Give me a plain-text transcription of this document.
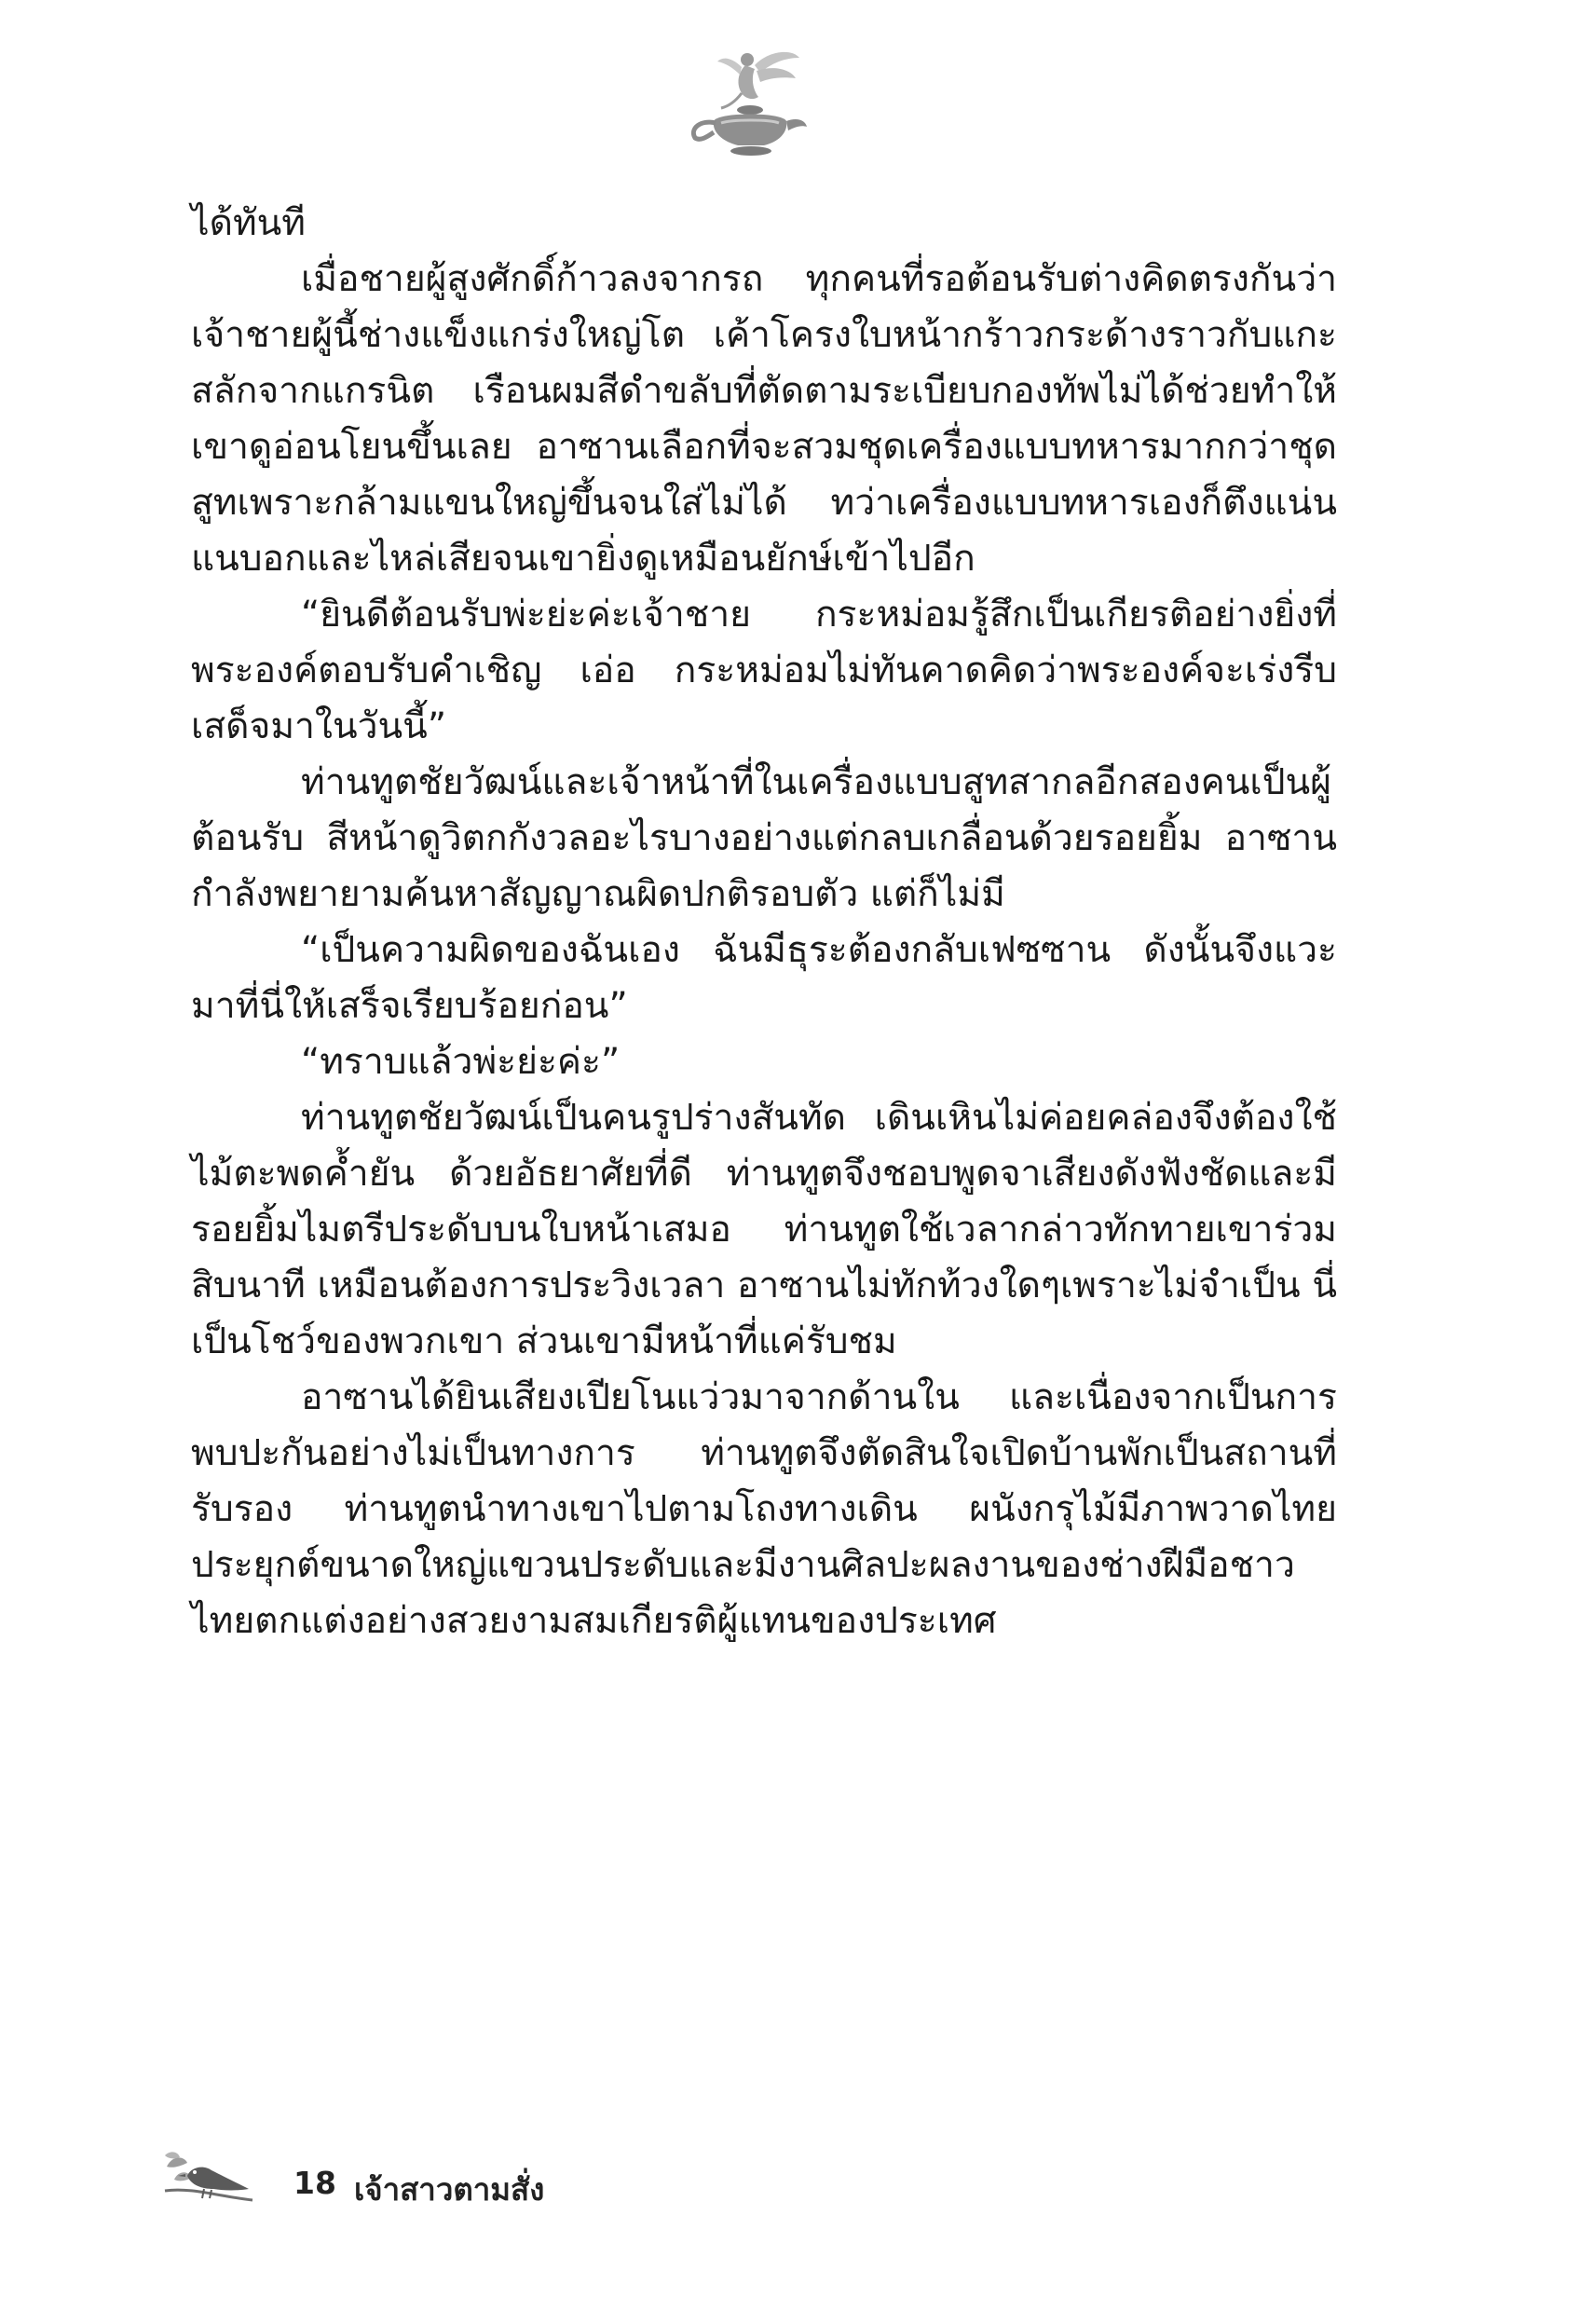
ได้ทันที

เมื่อชายผู้สูงศักดิ์ก้าวลงจากรถ ทุกคนที่รอต้อนรับต่างคิดตรงกันว่าเจ้าชายผู้นี้ช่างแข็งแกร่งใหญ่โต เค้าโครงใบหน้ากร้าวกระด้างราวกับแกะสลักจากแกรนิต เรือนผมสีดำขลับที่ตัดตามระเบียบกองทัพไม่ได้ช่วยทำให้เขาดูอ่อนโยนขึ้นเลย อาซานเลือกที่จะสวมชุดเครื่องแบบทหารมากกว่าชุดสูทเพราะกล้ามแขนใหญ่ขึ้นจนใส่ไม่ได้ ทว่าเครื่องแบบทหารเองก็ตึงแน่นแนบอกและไหล่เสียจนเขายิ่งดูเหมือนยักษ์เข้าไปอีก

“ยินดีต้อนรับพ่ะย่ะค่ะเจ้าชาย กระหม่อมรู้สึกเป็นเกียรติอย่างยิ่งที่พระองค์ตอบรับคำเชิญ เอ่อ กระหม่อมไม่ทันคาดคิดว่าพระองค์จะเร่งรีบเสด็จมาในวันนี้”

ท่านทูตชัยวัฒน์และเจ้าหน้าที่ในเครื่องแบบสูทสากลอีกสองคนเป็นผู้ต้อนรับ สีหน้าดูวิตกกังวลอะไรบางอย่างแต่กลบเกลื่อนด้วยรอยยิ้ม อาซานกำลังพยายามค้นหาสัญญาณผิดปกติรอบตัว แต่ก็ไม่มี

“เป็นความผิดของฉันเอง ฉันมีธุระต้องกลับเฟซซาน ดังนั้นจึงแวะมาที่นี่ให้เสร็จเรียบร้อยก่อน”

“ทราบแล้วพ่ะย่ะค่ะ”

ท่านทูตชัยวัฒน์เป็นคนรูปร่างสันทัด เดินเหินไม่ค่อยคล่องจึงต้องใช้ไม้ตะพดค้ำยัน ด้วยอัธยาศัยที่ดี ท่านทูตจึงชอบพูดจาเสียงดังฟังชัดและมีรอยยิ้มไมตรีประดับบนใบหน้าเสมอ ท่านทูตใช้เวลากล่าวทักทายเขาร่วมสิบนาที เหมือนต้องการประวิงเวลา อาซานไม่ทักท้วงใดๆเพราะไม่จำเป็น นี่เป็นโชว์ของพวกเขา ส่วนเขามีหน้าที่แค่รับชม

อาซานได้ยินเสียงเปียโนแว่วมาจากด้านใน และเนื่องจากเป็นการพบปะกันอย่างไม่เป็นทางการ ท่านทูตจึงตัดสินใจเปิดบ้านพักเป็นสถานที่รับรอง ท่านทูตนำทางเขาไปตามโถงทางเดิน ผนังกรุไม้มีภาพวาดไทยประยุกต์ขนาดใหญ่แขวนประดับและมีงานศิลปะผลงานของช่างฝีมือชาวไทยตกแต่งอย่างสวยงามสมเกียรติผู้แทนของประเทศ

18 เจ้าสาวตามสั่ง
